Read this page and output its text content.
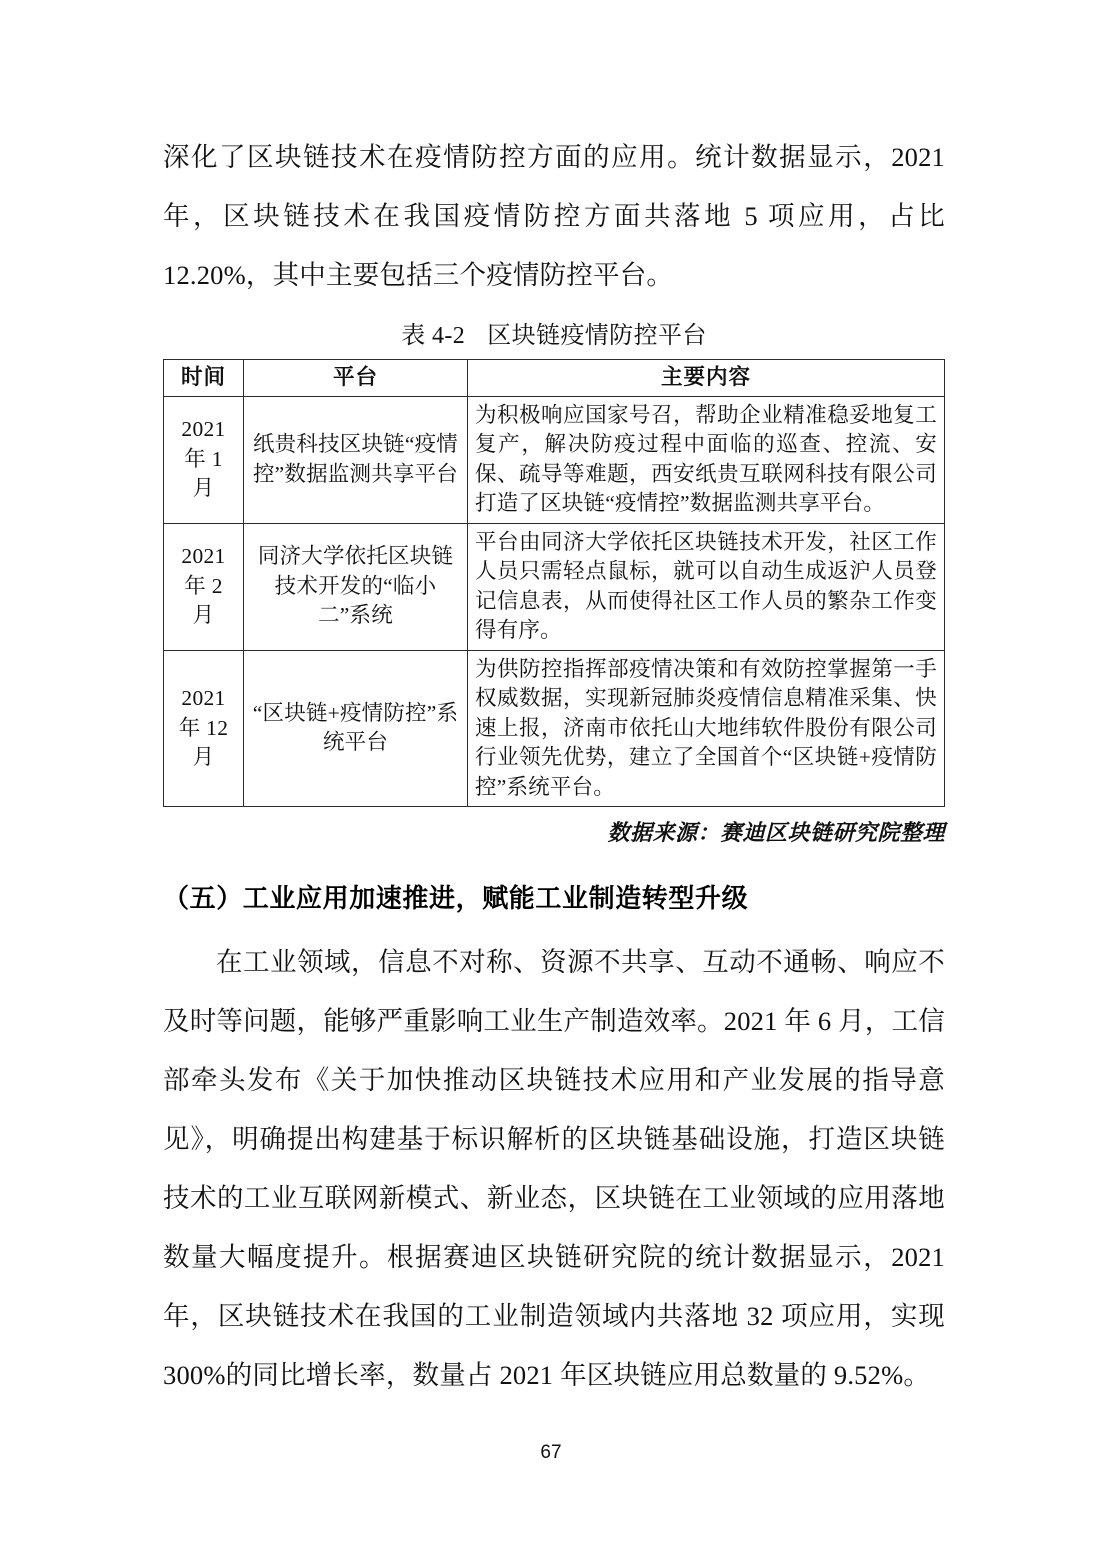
深化了区块链技术在疫情防控方面的应用。统计数据显示，2021 年，区块链技术在我国疫情防控方面共落地 5 项应用，占比 12.20%，其中主要包括三个疫情防控平台。

表 4-2 区块链疫情防控平台

时间	平台	主要内容
2021 年 1 月	纸贵科技区块链“疫情控”数据监测共享平台	为积极响应国家号召，帮助企业精准稳妥地复工复产，解决防疫过程中面临的巡查、控流、安保、疏导等难题，西安纸贵互联网科技有限公司打造了区块链“疫情控”数据监测共享平台。
2021 年 2 月	同济大学依托区块链技术开发的“临小二”系统	平台由同济大学依托区块链技术开发，社区工作人员只需轻点鼠标，就可以自动生成返沪人员登记信息表，从而使得社区工作人员的繁杂工作变得有序。
2021 年 12 月	“区块链+疫情防控”系统平台	为供防控指挥部疫情决策和有效防控掌握第一手权威数据，实现新冠肺炎疫情信息精准采集、快速上报，济南市依托山大地纬软件股份有限公司行业领先优势，建立了全国首个“区块链+疫情防控”系统平台。

数据来源：赛迪区块链研究院整理

（五）工业应用加速推进，赋能工业制造转型升级

在工业领域，信息不对称、资源不共享、互动不通畅、响应不及时等问题，能够严重影响工业生产制造效率。2021 年 6 月，工信部牵头发布《关于加快推动区块链技术应用和产业发展的指导意见》，明确提出构建基于标识解析的区块链基础设施，打造区块链技术的工业互联网新模式、新业态，区块链在工业领域的应用落地数量大幅度提升。根据赛迪区块链研究院的统计数据显示，2021 年，区块链技术在我国的工业制造领域内共落地 32 项应用，实现 300%的同比增长率，数量占 2021 年区块链应用总数量的 9.52%。

67
